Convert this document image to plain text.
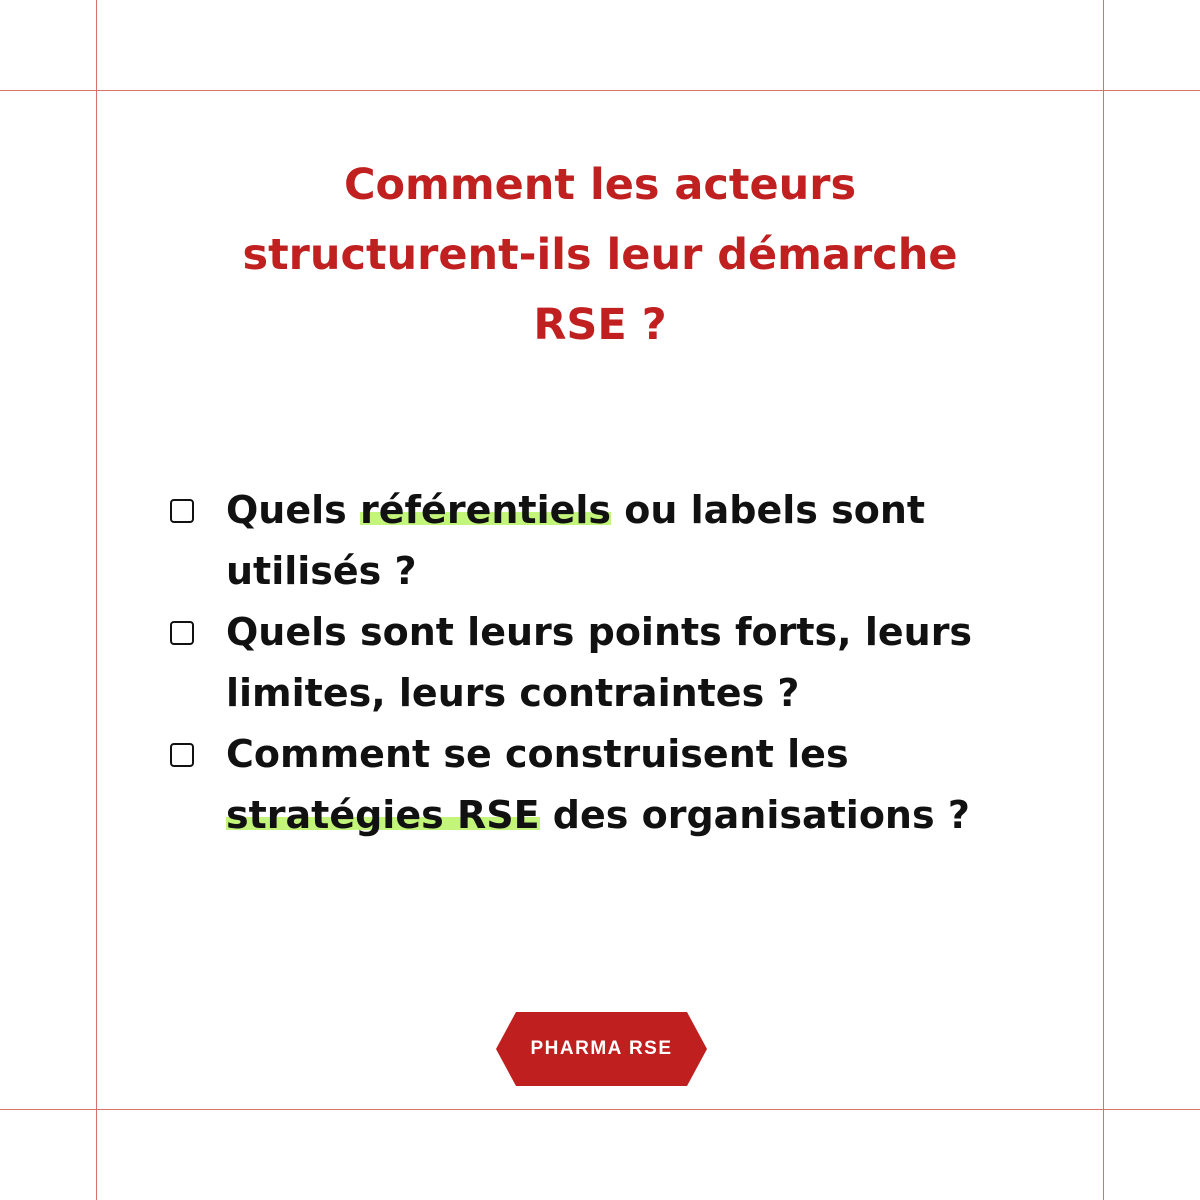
Comment les acteurs
structurent-ils leur démarche
RSE ?
Quels référentiels ou labels sont utilisés ?
Quels sont leurs points forts, leurs limites, leurs contraintes ?
Comment se construisent les stratégies RSE des organisations ?
PHARMA RSE
